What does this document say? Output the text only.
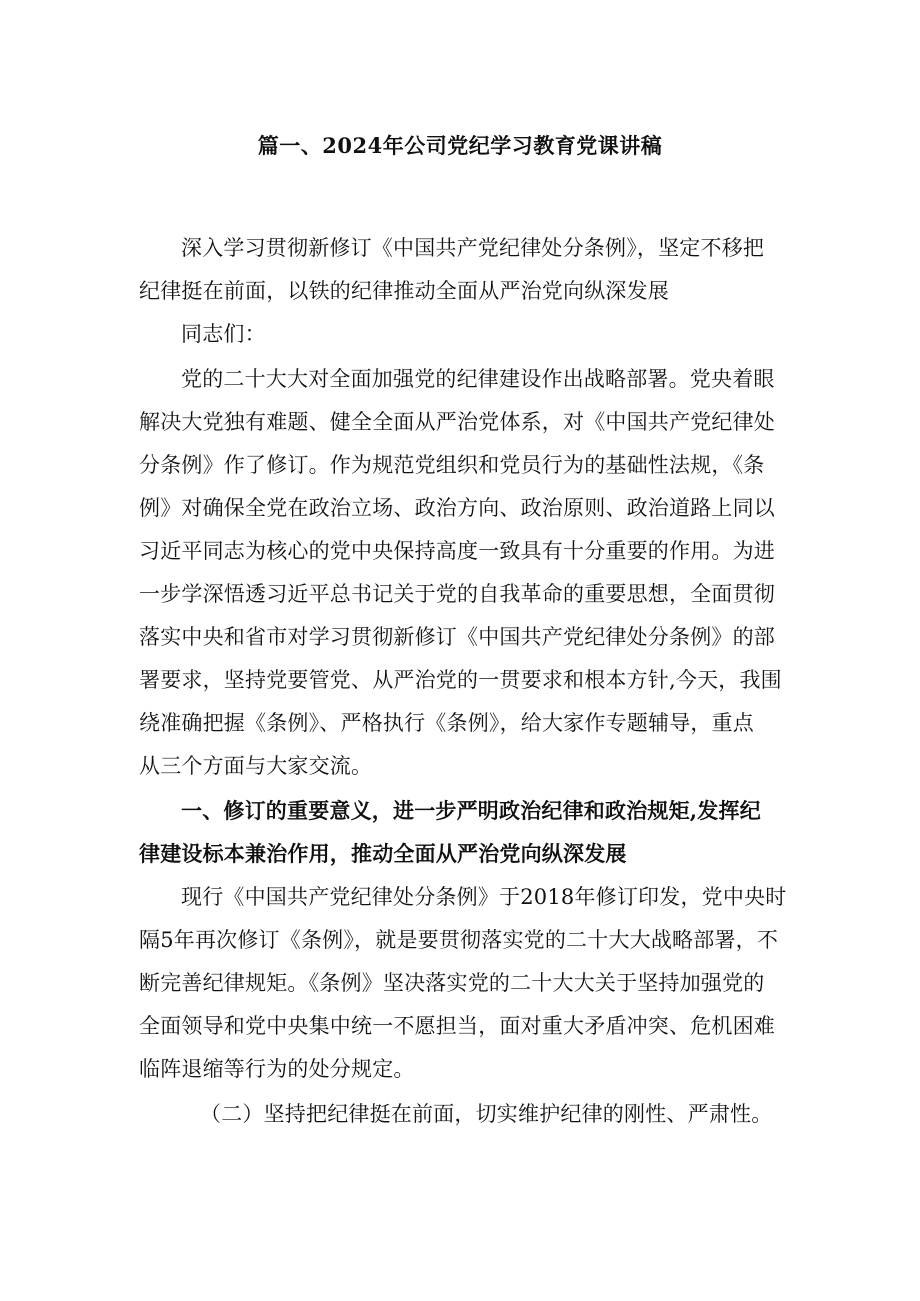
篇一、2024年公司党纪学习教育党课讲稿
深入学习贯彻新修订《中国共产党纪律处分条例》，坚定不移把
纪律挺在前面，以铁的纪律推动全面从严治党向纵深发展
同志们：
党的二十大大对全面加强党的纪律建设作出战略部署。党央着眼
解决大党独有难题、健全全面从严治党体系，对《中国共产党纪律处
分条例》作了修订。作为规范党组织和党员行为的基础性法规，《条
例》对确保全党在政治立场、政治方向、政治原则、政治道路上同以
习近平同志为核心的党中央保持高度一致具有十分重要的作用。为进
一步学深悟透习近平总书记关于党的自我革命的重要思想，全面贯彻
落实中央和省市对学习贯彻新修订《中国共产党纪律处分条例》的部
署要求，坚持党要管党、从严治党的一贯要求和根本方针,今天，我围
绕准确把握《条例》、严格执行《条例》，给大家作专题辅导，重点
从三个方面与大家交流。
一、修订的重要意义，进一步严明政治纪律和政治规矩,发挥纪
律建设标本兼治作用，推动全面从严治党向纵深发展
现行《中国共产党纪律处分条例》于2018年修订印发，党中央时
隔5年再次修订《条例》，就是要贯彻落实党的二十大大战略部署，不
断完善纪律规矩。《条例》坚决落实党的二十大大关于坚持加强党的
全面领导和党中央集中统一不愿担当，面对重大矛盾冲突、危机困难
临阵退缩等行为的处分规定。
（二）坚持把纪律挺在前面，切实维护纪律的刚性、严肃性。
